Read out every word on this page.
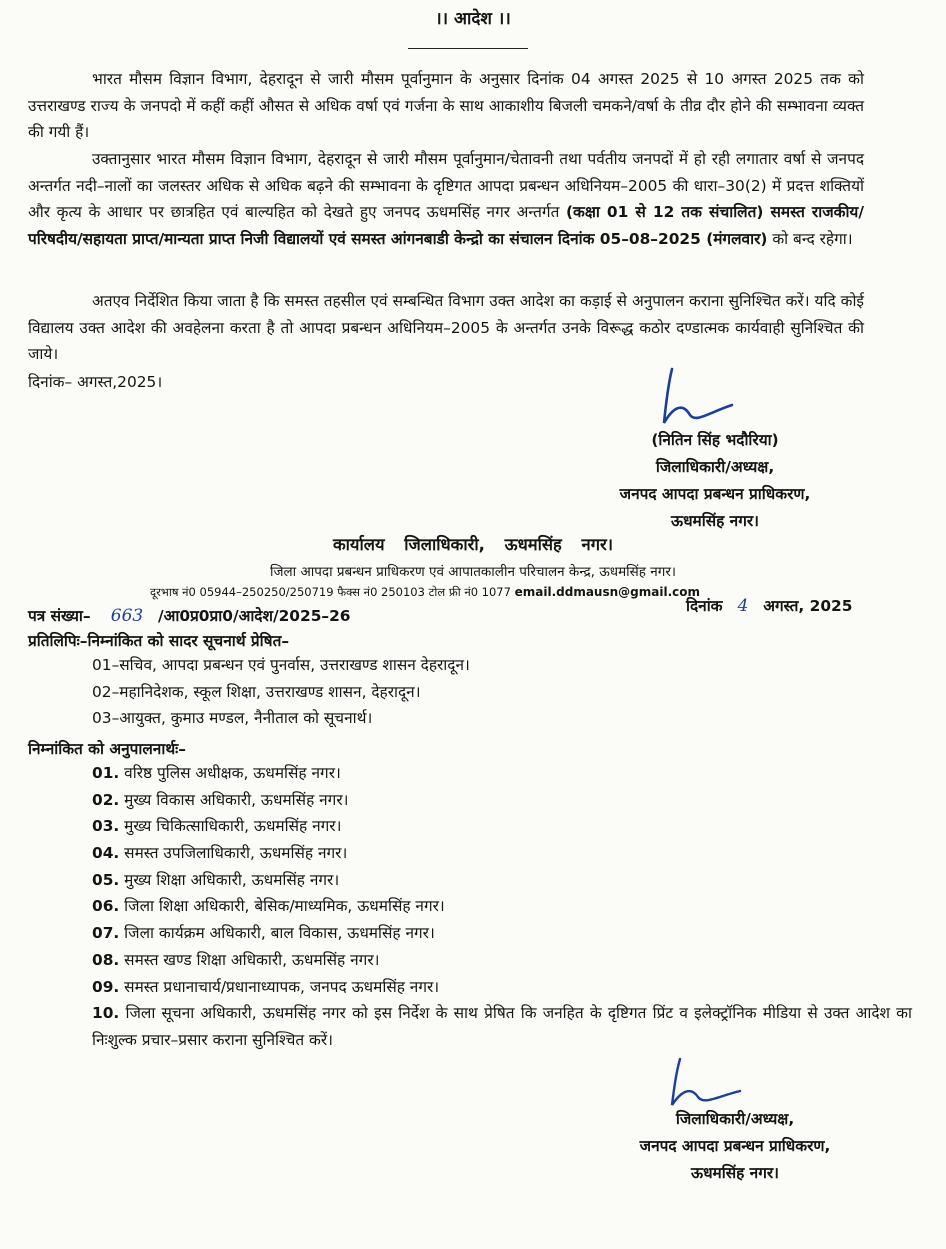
।। आदेश ।।
भारत मौसम विज्ञान विभाग, देहरादून से जारी मौसम पूर्वानुमान के अनुसार दिनांक 04 अगस्त 2025 से 10 अगस्त 2025 तक को उत्तराखण्ड राज्य के जनपदो में कहीं कहीं औसत से अधिक वर्षा एवं गर्जना के साथ आकाशीय बिजली चमकने/वर्षा के तीव्र दौर होने की सम्भावना व्यक्त की गयी हैं।
उक्तानुसार भारत मौसम विज्ञान विभाग, देहरादून से जारी मौसम पूर्वानुमान/चेतावनी तथा पर्वतीय जनपदों में हो रही लगातार वर्षा से जनपद अन्तर्गत नदी–नालों का जलस्तर अधिक से अधिक बढ़ने की सम्भावना के दृष्टिगत आपदा प्रबन्धन अधिनियम–2005 की धारा–30(2) में प्रदत्त शक्तियों और कृत्य के आधार पर छात्रहित एवं बाल्यहित को देखते हुए जनपद ऊधमसिंह नगर अन्तर्गत (कक्षा 01 से 12 तक संचालित) समस्त राजकीय/परिषदीय/सहायता प्राप्त/मान्यता प्राप्त निजी विद्यालयों एवं समस्त आंगनबाडी केन्द्रो का संचालन दिनांक 05–08–2025 (मंगलवार) को बन्द रहेगा।
अतएव निर्देशित किया जाता है कि समस्त तहसील एवं सम्बन्धित विभाग उक्त आदेश का कड़ाई से अनुपालन कराना सुनिश्चित करें। यदि कोई विद्यालय उक्त आदेश की अवहेलना करता है तो आपदा प्रबन्धन अधिनियम–2005 के अन्तर्गत उनके विरूद्ध कठोर दण्डात्मक कार्यवाही सुनिश्चित की जाये।
दिनांक– अगस्त,2025।
(नितिन सिंह भदौरिया)
जिलाधिकारी/अध्यक्ष,
जनपद आपदा प्रबन्धन प्राधिकरण,
ऊधमसिंह नगर।
कार्यालय जिलाधिकारी, ऊधमसिंह नगर।
जिला आपदा प्रबन्धन प्राधिकरण एवं आपातकालीन परिचालन केन्द्र, ऊधमसिंह नगर।
दूरभाष नं0 05944–250250/250719 फैक्स नं0 250103 टोल फ्री नं0 1077 email.ddmausn@gmail.com
पत्र संख्या– 663 /आ0प्र0प्रा0/आदेश/2025–26
दिनांक 4 अगस्त, 2025
प्रतिलिपिः–निम्नांकित को सादर सूचनार्थ प्रेषित–
01–सचिव, आपदा प्रबन्धन एवं पुनर्वास, उत्तराखण्ड शासन देहरादून।
02–महानिदेशक, स्कूल शिक्षा, उत्तराखण्ड शासन, देहरादून।
03–आयुक्त, कुमाउ मण्डल, नैनीताल को सूचनार्थ।
निम्नांकित को अनुपालनार्थः–
01. वरिष्ठ पुलिस अधीक्षक, ऊधमसिंह नगर।
02. मुख्य विकास अधिकारी, ऊधमसिंह नगर।
03. मुख्य चिकित्साधिकारी, ऊधमसिंह नगर।
04. समस्त उपजिलाधिकारी, ऊधमसिंह नगर।
05. मुख्य शिक्षा अधिकारी, ऊधमसिंह नगर।
06. जिला शिक्षा अधिकारी, बेसिक/माध्यमिक, ऊधमसिंह नगर।
07. जिला कार्यक्रम अधिकारी, बाल विकास, ऊधमसिंह नगर।
08. समस्त खण्ड शिक्षा अधिकारी, ऊधमसिंह नगर।
09. समस्त प्रधानाचार्य/प्रधानाध्यापक, जनपद ऊधमसिंह नगर।
10. जिला सूचना अधिकारी, ऊधमसिंह नगर को इस निर्देश के साथ प्रेषित कि जनहित के दृष्टिगत प्रिंट व इलेक्ट्रॉनिक मीडिया से उक्त आदेश का निःशुल्क प्रचार–प्रसार कराना सुनिश्चित करें।
जिलाधिकारी/अध्यक्ष,
जनपद आपदा प्रबन्धन प्राधिकरण,
ऊधमसिंह नगर।
